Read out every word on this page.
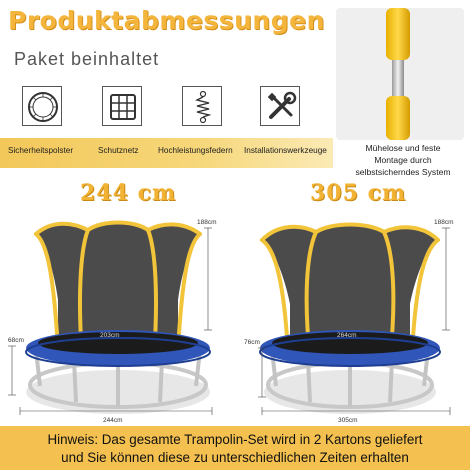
Produktabmessungen
Paket beinhaltet
Sicherheitspolster	Schutznetz Hochleistungsfedern Installationswerkzeuge	Mühelose und feste
Montage durch
selbstsicherndes System
244 cm	305 cm
203cm
188cm
68cm
244cm
264cm
188cm
76cm
305cm
Hinweis: Das gesamte Trampolin-Set wird in 2 Kartons geliefert
und Sie können diese zu unterschiedlichen Zeiten erhalten
